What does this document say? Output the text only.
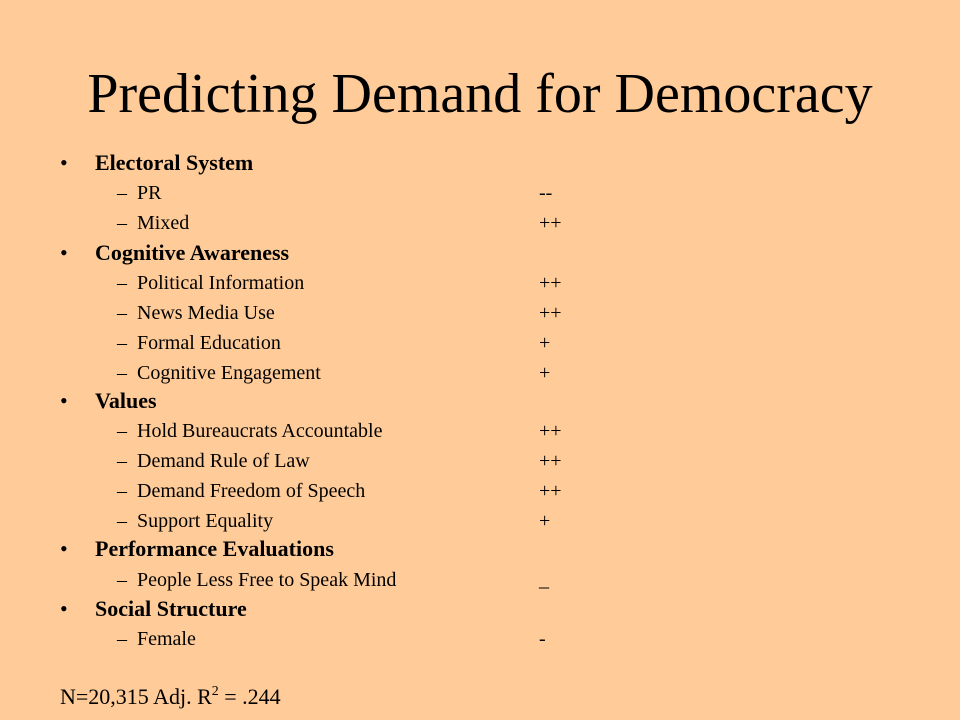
Predicting Demand for Democracy
• Electoral System
– PR	--
– Mixed	++
• Cognitive Awareness
– Political Information	++
– News Media Use	++
– Formal Education	+
– Cognitive Engagement	+
• Values
– Hold Bureaucrats Accountable	++
– Demand Rule of Law	++
– Demand Freedom of Speech	++
– Support Equality	+
• Performance Evaluations
– People Less Free to Speak Mind	_
• Social Structure
– Female	-
N=20,315 Adj. $R^2 = .244$
